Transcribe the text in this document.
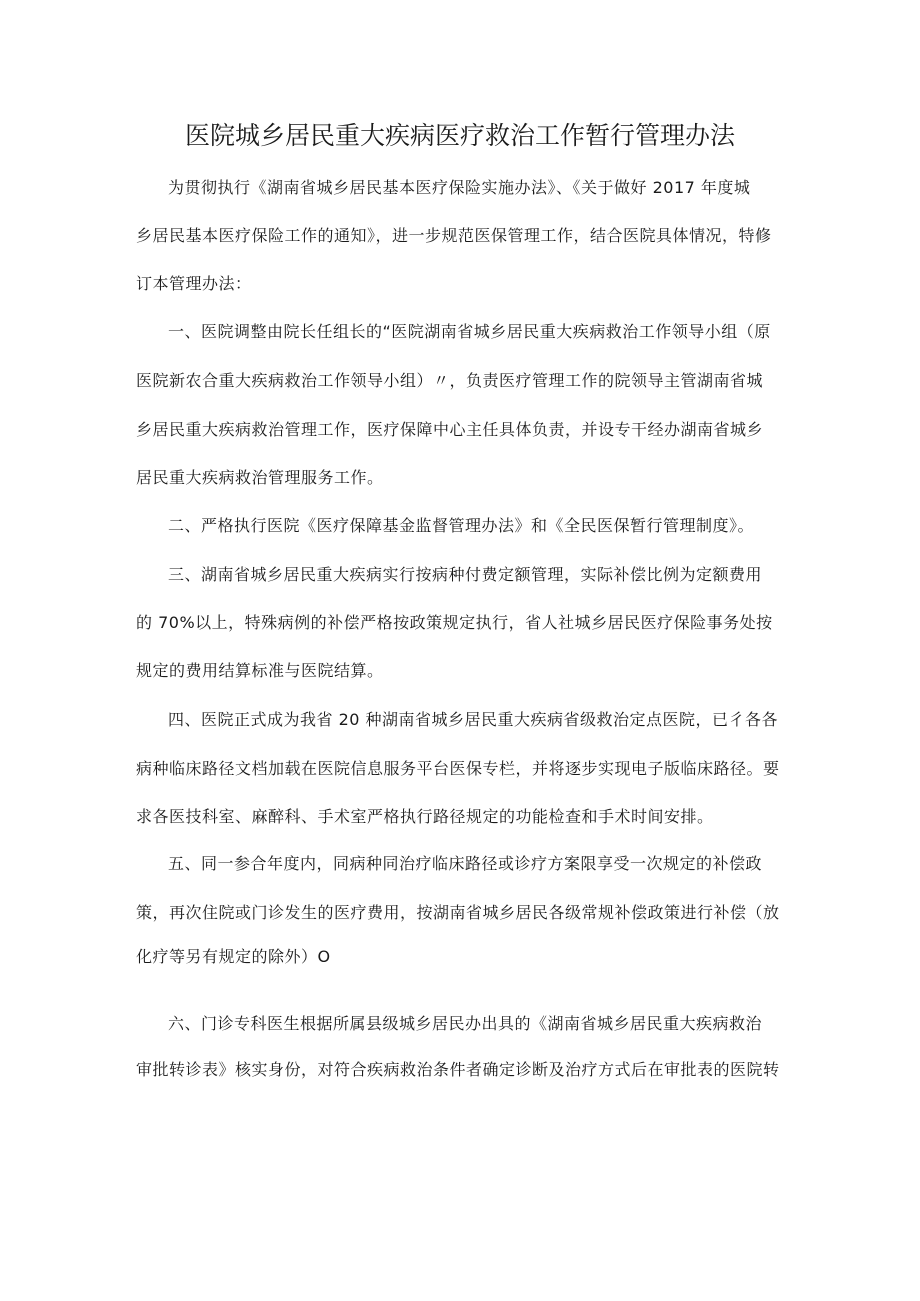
医院城乡居民重大疾病医疗救治工作暂行管理办法

为贯彻执行《湖南省城乡居民基本医疗保险实施办法》、《关于做好 2017 年度城

乡居民基本医疗保险工作的通知》，进一步规范医保管理工作，结合医院具体情况，特修

订本管理办法：

一、医院调整由院长任组长的“医院湖南省城乡居民重大疾病救治工作领导小组（原

医院新农合重大疾病救治工作领导小组）〃，负责医疗管理工作的院领导主管湖南省城

乡居民重大疾病救治管理工作，医疗保障中心主任具体负责，并设专干经办湖南省城乡

居民重大疾病救治管理服务工作。

二、严格执行医院《医疗保障基金监督管理办法》和《全民医保暂行管理制度》。

三、湖南省城乡居民重大疾病实行按病种付费定额管理，实际补偿比例为定额费用

的 70%以上，特殊病例的补偿严格按政策规定执行，省人社城乡居民医疗保险事务处按

规定的费用结算标准与医院结算。

四、医院正式成为我省 20 种湖南省城乡居民重大疾病省级救治定点医院，已彳各各

病种临床路径文档加载在医院信息服务平台医保专栏，并将逐步实现电子版临床路径。要

求各医技科室、麻醉科、手术室严格执行路径规定的功能检查和手术时间安排。

五、同一参合年度内，同病种同治疗临床路径或诊疗方案限享受一次规定的补偿政

策，再次住院或门诊发生的医疗费用，按湖南省城乡居民各级常规补偿政策进行补偿（放

化疗等另有规定的除外）O

六、门诊专科医生根据所属县级城乡居民办出具的《湖南省城乡居民重大疾病救治

审批转诊表》核实身份，对符合疾病救治条件者确定诊断及治疗方式后在审批表的医院转
